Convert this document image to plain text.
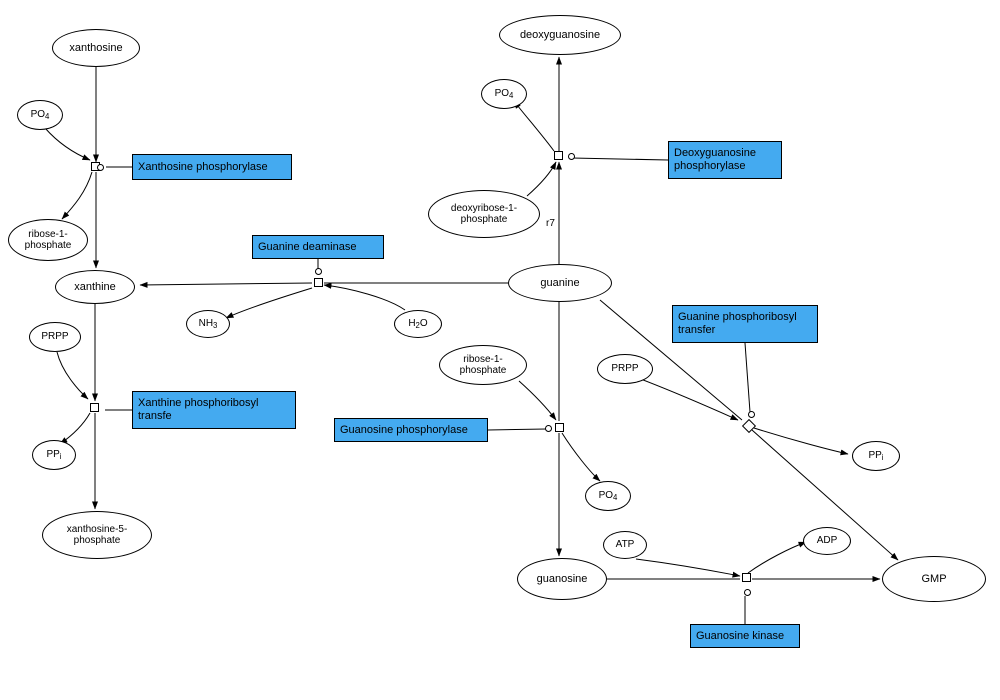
xanthosine
$PO_4$
ribose-1-
phosphate
xanthine
PRPP
$PP_i$
xanthosine-5-
phosphate
$NH_3$	$H_2O$
deoxyribose-1-
phosphate
deoxyguanosine
$PO_4$
guanine
ribose-1-
phosphate	PRPP
$PO_4$
$PP_i$
guanosine
ATP	ADP
GMP
Xanthosine phosphorylase
Guanine deaminase
Deoxyguanosine
phosphorylase
Guanine phosphoribosyl
transfer
Xanthine phosphoribosyl
transfe
Guanosine phosphorylase
Guanosine kinase
r7
